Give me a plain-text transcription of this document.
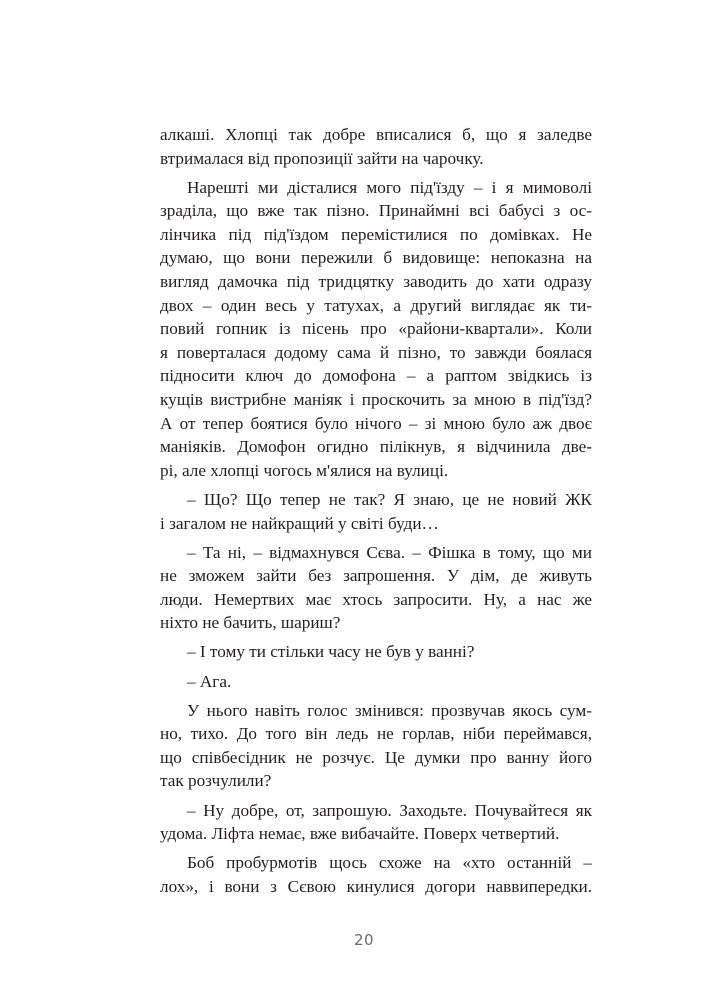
алкаші. Хлопці так добре вписалися б, що я заледве
втрималася від пропозиції зайти на чарочку.
Нарешті ми дісталися мого під'їзду – і я мимоволі
зраділа, що вже так пізно. Принаймні всі бабусі з ос-
лінчика під під'їздом перемістилися по домівках. Не
думаю, що вони пережили б видовище: непоказна на
вигляд дамочка під тридцятку заводить до хати одразу
двох – один весь у татухах, а другий виглядає як ти-
повий гопник із пісень про «райони-квартали». Коли
я поверталася додому сама й пізно, то завжди боялася
підносити ключ до домофона – а раптом звідкись із
кущів вистрибне маніяк і проскочить за мною в під'їзд?
А от тепер боятися було нічого – зі мною було аж двоє
маніяків. Домофон огидно пілікнув, я відчинила две-
рі, але хлопці чогось м'ялися на вулиці.
– Що? Що тепер не так? Я знаю, це не новий ЖК
і загалом не найкращий у світі буди…
– Та ні, – відмахнувся Сєва. – Фішка в тому, що ми
не зможем зайти без запрошення. У дім, де живуть
люди. Немертвих має хтось запросити. Ну, а нас же
ніхто не бачить, шариш?
– І тому ти стільки часу не був у ванні?
– Ага.
У нього навіть голос змінився: прозвучав якось сум-
но, тихо. До того він ледь не горлав, ніби переймався,
що співбесідник не розчує. Це думки про ванну його
так розчулили?
– Ну добре, от, запрошую. Заходьте. Почувайтеся як
удома. Ліфта немає, вже вибачайте. Поверх четвертий.
Боб пробурмотів щось схоже на «хто останній –
лох», і вони з Сєвою кинулися догори наввипередки.
20
